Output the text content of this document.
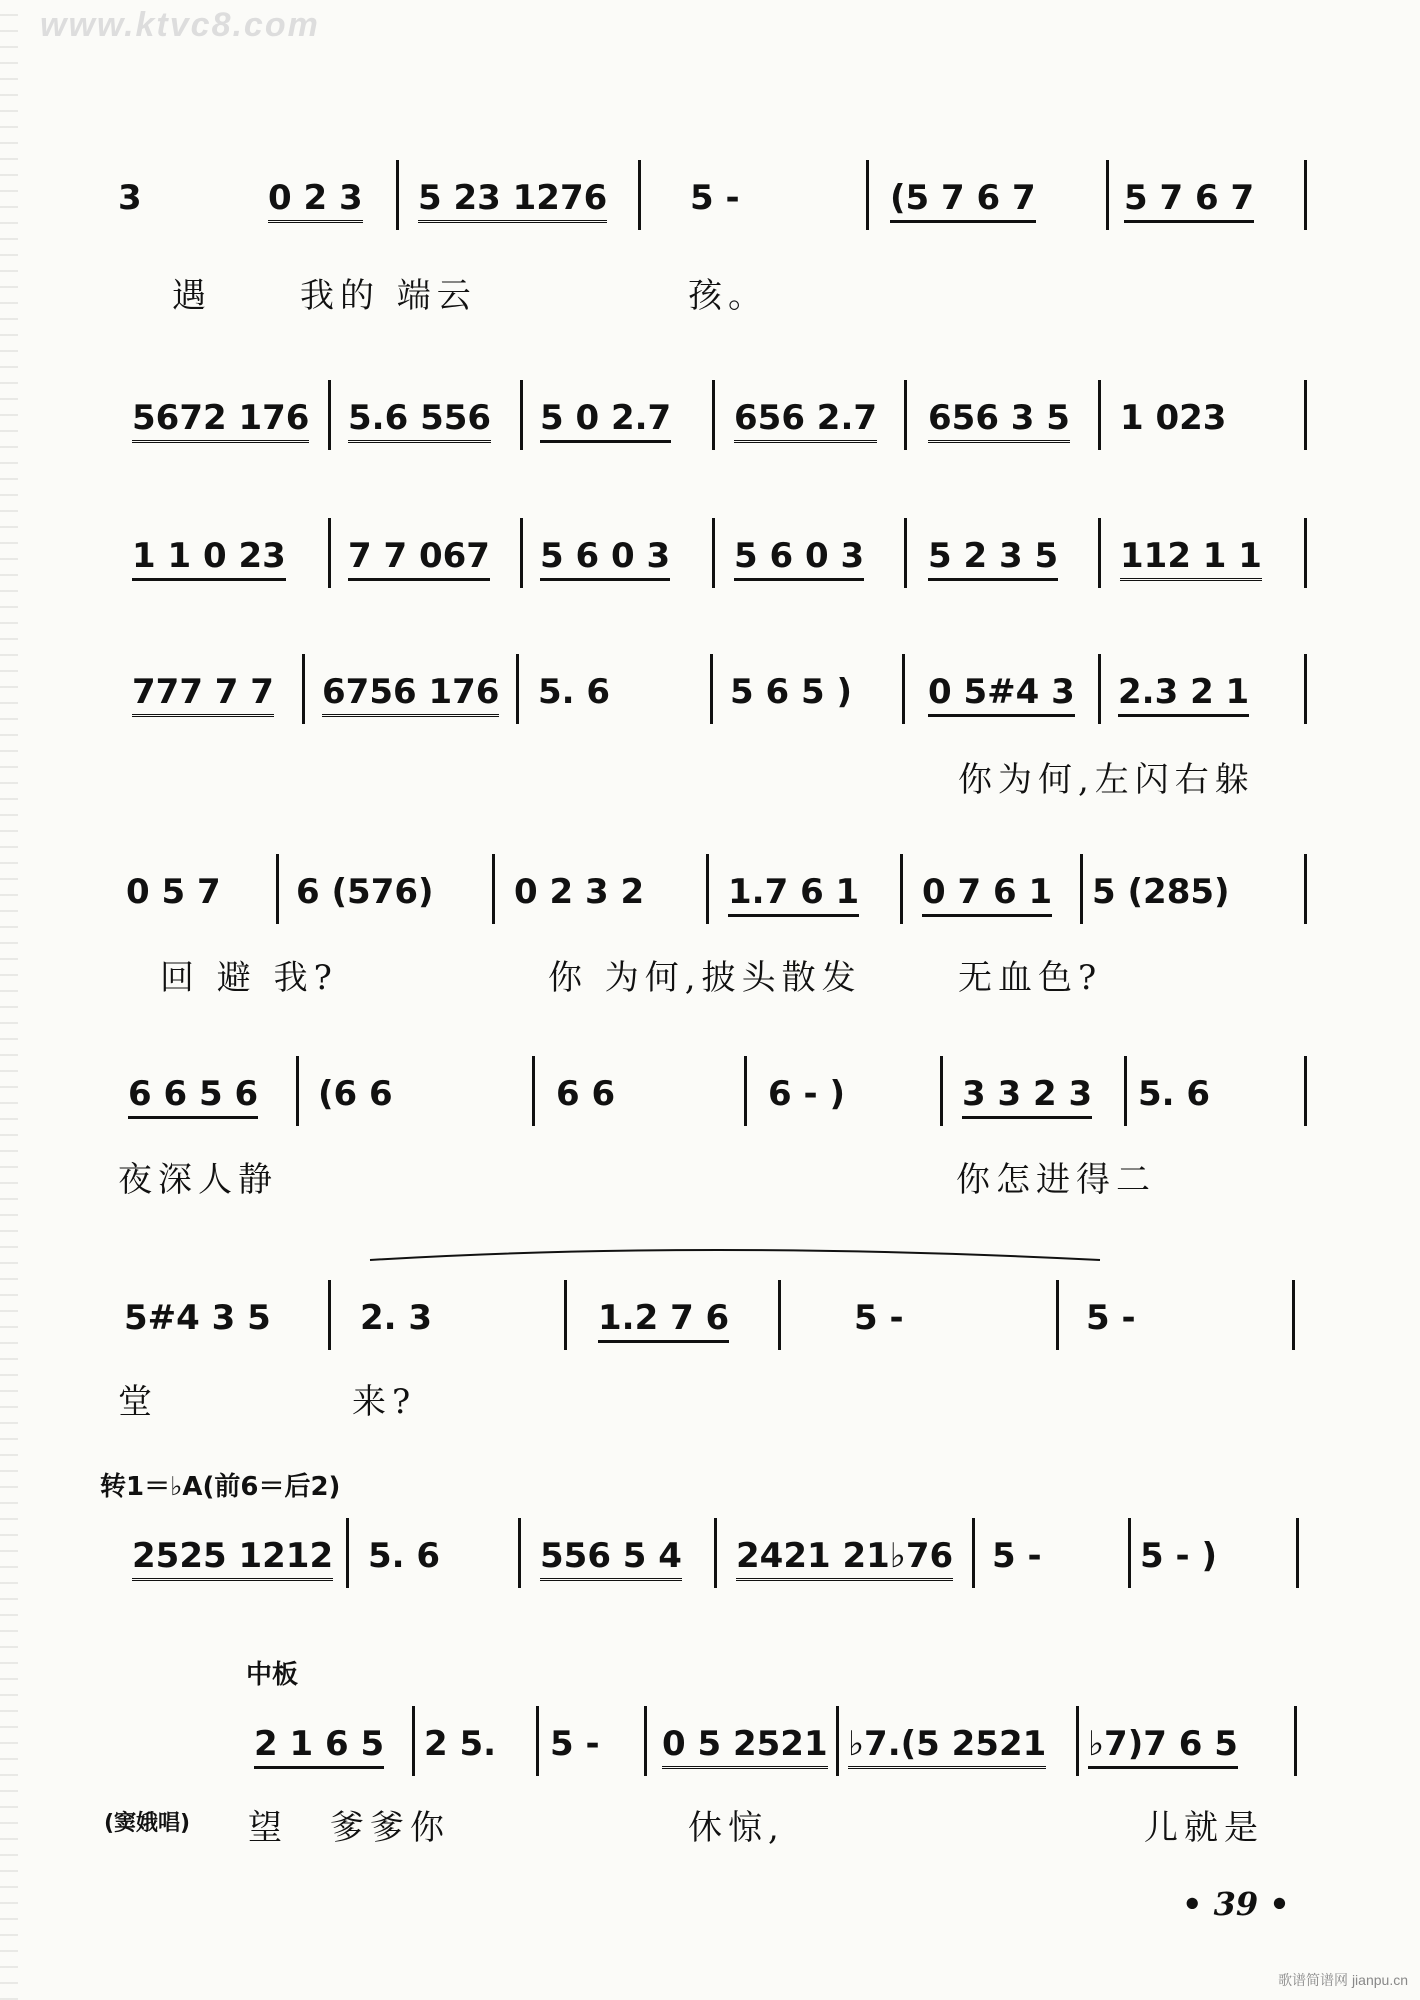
www.ktvc8.com
3	0 2 3 5 23 1276 5 -	(5 7 6 7	5 7 6 7
遇	我的 端云	孩。
5672 176 5.6 556 5 0 2.7 656 2.7 656 3 5 1 023
1 1 0 23 7 7 067 5 6 0 3 5 6 0 3 5 2 3 5 112 1 1
777 7 7 6756 176 5. 6	5 6 5 ) 0 5#4 3 2.3 2 1
你为何,左闪右躲
0 5 7 6 (576) 0 2 3 2 1.7 6 1 0 7 6 1 5 (285)
回 避 我?	你 为何,披头散发	无血色?
6 6 5 6 (6 6	6 6	6 - )	3 3 2 3 5. 6
夜深人静	你怎进得二
5#4 3 5	2. 3	1.2 7 6	5 -	5 -
堂	来?
转1＝♭A(前6＝后2)
2525 1212 5. 6	556 5 4 2421 21♭76 5 -	5 - )
中板
2 1 6 5 2 5. 5 - 0 5 2521 ♭7.(5 2521 ♭7)7 6 5
(窦娥唱) 望 爹爹你	休惊,	儿就是
• 39 •
歌谱简谱网 jianpu.cn
